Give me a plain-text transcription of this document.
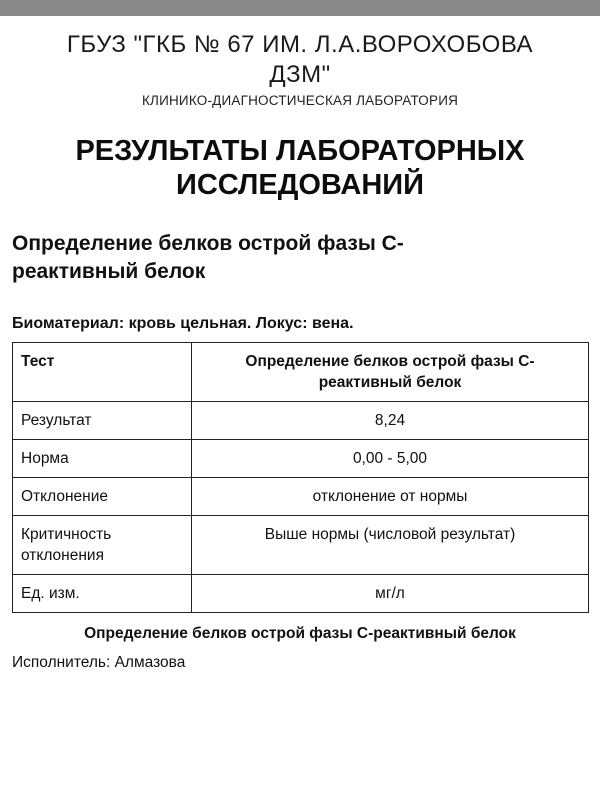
ГБУЗ "ГКБ № 67 ИМ. Л.А.ВОРОХОБОВА ДЗМ"
КЛИНИКО-ДИАГНОСТИЧЕСКАЯ ЛАБОРАТОРИЯ
РЕЗУЛЬТАТЫ ЛАБОРАТОРНЫХ ИССЛЕДОВАНИЙ
Определение белков острой фазы С-реактивный белок
Биоматериал: кровь цельная. Локус: вена.
Тест	Определение белков острой фазы С-реактивный белок
Результат	8,24
Норма	0,00 - 5,00
Отклонение	отклонение от нормы
Критичность отклонения	Выше нормы (числовой результат)
Ед. изм.	мг/л
Определение белков острой фазы С-реактивный белок
Исполнитель: Алмазова
